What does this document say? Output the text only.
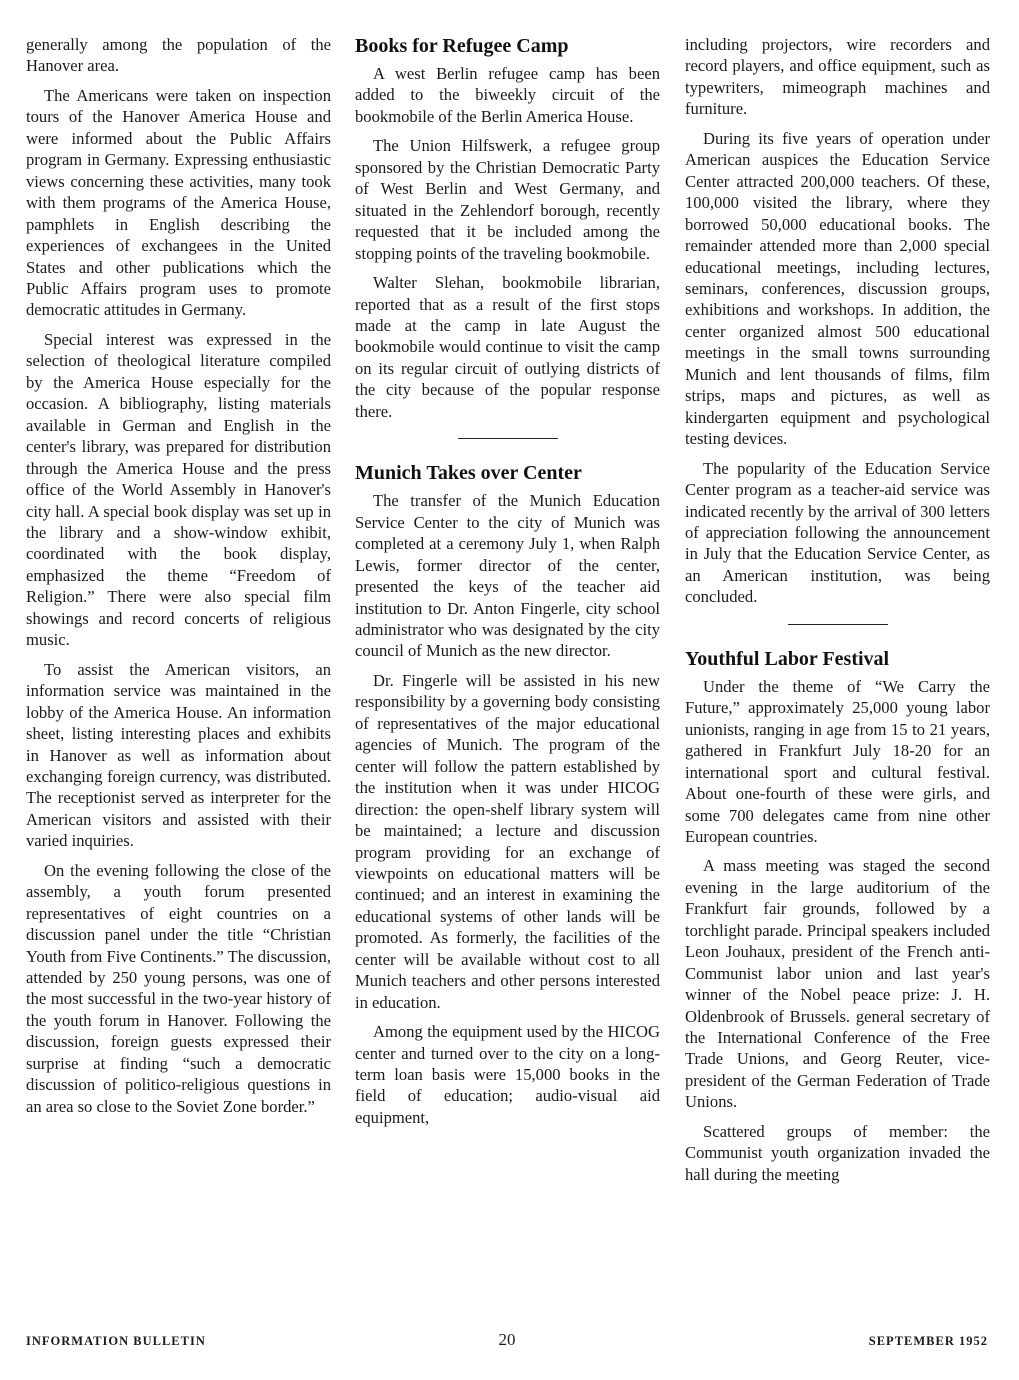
generally among the population of the Hanover area.

The Americans were taken on inspection tours of the Hanover America House and were informed about the Public Affairs program in Germany. Expressing enthusiastic views concerning these activities, many took with them programs of the America House, pamphlets in English describing the experiences of exchangees in the United States and other publications which the Public Affairs program uses to promote democratic attitudes in Germany.

Special interest was expressed in the selection of theological literature compiled by the America House especially for the occasion. A bibliography, listing materials available in German and English in the center's library, was prepared for distribution through the America House and the press office of the World Assembly in Hanover's city hall. A special book display was set up in the library and a show-window exhibit, coordinated with the book display, emphasized the theme “Freedom of Religion.” There were also special film showings and record concerts of religious music.

To assist the American visitors, an information service was maintained in the lobby of the America House. An information sheet, listing interesting places and exhibits in Hanover as well as information about exchanging foreign currency, was distributed. The receptionist served as interpreter for the American visitors and assisted with their varied inquiries.

On the evening following the close of the assembly, a youth forum presented representatives of eight countries on a discussion panel under the title “Christian Youth from Five Continents.” The discussion, attended by 250 young persons, was one of the most successful in the two-year history of the youth forum in Hanover. Following the discussion, foreign guests expressed their surprise at finding “such a democratic discussion of politico-religious questions in an area so close to the Soviet Zone border.”

Books for Refugee Camp

A west Berlin refugee camp has been added to the biweekly circuit of the bookmobile of the Berlin America House.

The Union Hilfswerk, a refugee group sponsored by the Christian Democratic Party of West Berlin and West Germany, and situated in the Zehlendorf borough, recently requested that it be included among the stopping points of the traveling bookmobile.

Walter Slehan, bookmobile librarian, reported that as a result of the first stops made at the camp in late August the bookmobile would continue to visit the camp on its regular circuit of outlying districts of the city because of the popular response there.

Munich Takes over Center

The transfer of the Munich Education Service Center to the city of Munich was completed at a ceremony July 1, when Ralph Lewis, former director of the center, presented the keys of the teacher aid institution to Dr. Anton Fingerle, city school administrator who was designated by the city council of Munich as the new director.

Dr. Fingerle will be assisted in his new responsibility by a governing body consisting of representatives of the major educational agencies of Munich. The program of the center will follow the pattern established by the institution when it was under HICOG direction: the open-shelf library system will be maintained; a lecture and discussion program providing for an exchange of viewpoints on educational matters will be continued; and an interest in examining the educational systems of other lands will be promoted. As formerly, the facilities of the center will be available without cost to all Munich teachers and other persons interested in education.

Among the equipment used by the HICOG center and turned over to the city on a long-term loan basis were 15,000 books in the field of education; audio-visual aid equipment,

including projectors, wire recorders and record players, and office equipment, such as typewriters, mimeograph machines and furniture.

During its five years of operation under American auspices the Education Service Center attracted 200,000 teachers. Of these, 100,000 visited the library, where they borrowed 50,000 educational books. The remainder attended more than 2,000 special educational meetings, including lectures, seminars, conferences, discussion groups, exhibitions and workshops. In addition, the center organized almost 500 educational meetings in the small towns surrounding Munich and lent thousands of films, film strips, maps and pictures, as well as kindergarten equipment and psychological testing devices.

The popularity of the Education Service Center program as a teacher-aid service was indicated recently by the arrival of 300 letters of appreciation following the announcement in July that the Education Service Center, as an American institution, was being concluded.

Youthful Labor Festival

Under the theme of “We Carry the Future,” approximately 25,000 young labor unionists, ranging in age from 15 to 21 years, gathered in Frankfurt July 18-20 for an international sport and cultural festival. About one-fourth of these were girls, and some 700 delegates came from nine other European countries.

A mass meeting was staged the second evening in the large auditorium of the Frankfurt fair grounds, followed by a torchlight parade. Principal speakers included Leon Jouhaux, president of the French anti-Communist labor union and last year's winner of the Nobel peace prize: J. H. Oldenbrook of Brussels. general secretary of the International Conference of the Free Trade Unions, and Georg Reuter, vice-president of the German Federation of Trade Unions.

Scattered groups of member: the Communist youth organization invaded the hall during the meeting

INFORMATION BULLETIN	20	SEPTEMBER 1952
